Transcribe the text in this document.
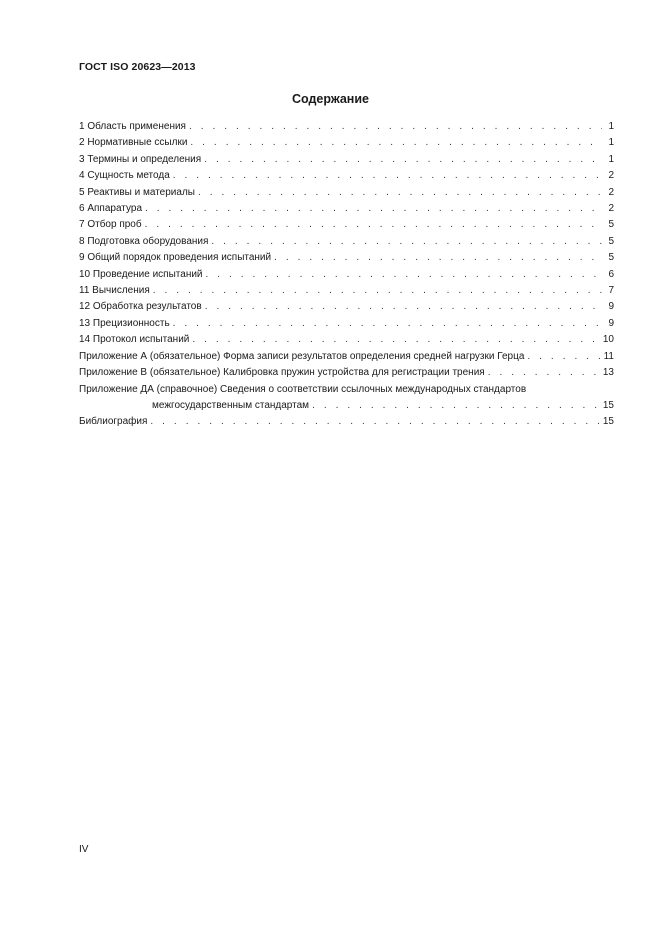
ГОСТ ISO 20623—2013
Содержание
1 Область применения . . .	1
2 Нормативные ссылки . . .	1
3 Термины и определения . . .	1
4 Сущность метода . . .	2
5 Реактивы и материалы . . .	2
6 Аппаратура . . .	2
7 Отбор проб . . .	5
8 Подготовка оборудования . . .	5
9 Общий порядок проведения испытаний . . .	5
10 Проведение испытаний . . .	6
11 Вычисления . . .	7
12 Обработка результатов . . .	9
13 Прецизионность . . .	9
14 Протокол испытаний . . .	10
Приложение А (обязательное) Форма записи результатов определения средней нагрузки Герца . . .	11
Приложение В (обязательное) Калибровка пружин устройства для регистрации трения . . .	13
Приложение ДА (справочное) Сведения о соответствии ссылочных международных стандартов
межгосударственным стандартам . . .	15
Библиография . . .	15
IV
